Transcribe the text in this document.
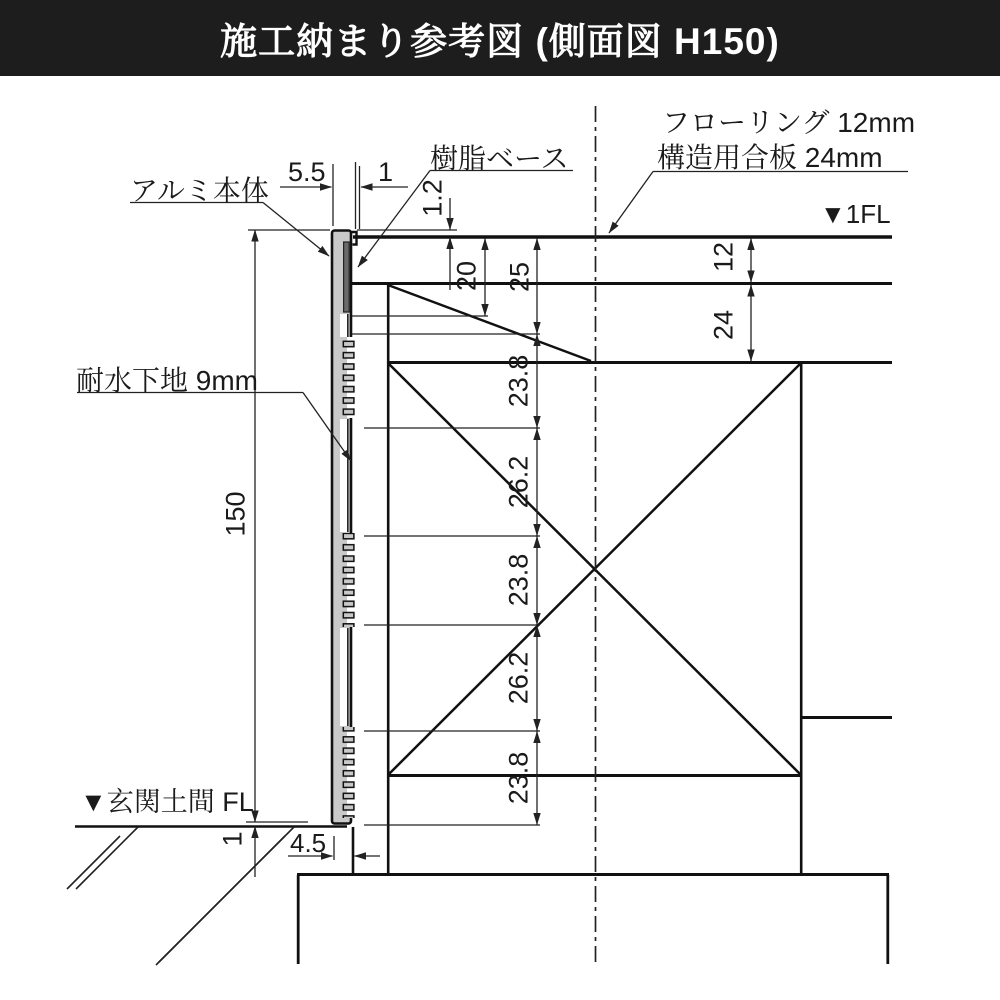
施工納まり参考図 (側面図 H150)
フローリング 12mm
構造用合板 24mm
▼1FL
アルミ本体
樹脂ベース
耐水下地 9mm
▼玄関土間 FL
5.5 1
4.5
1.2
20 25
12
24
150
23.8
26.2
23.8
26.2
23.8
1
